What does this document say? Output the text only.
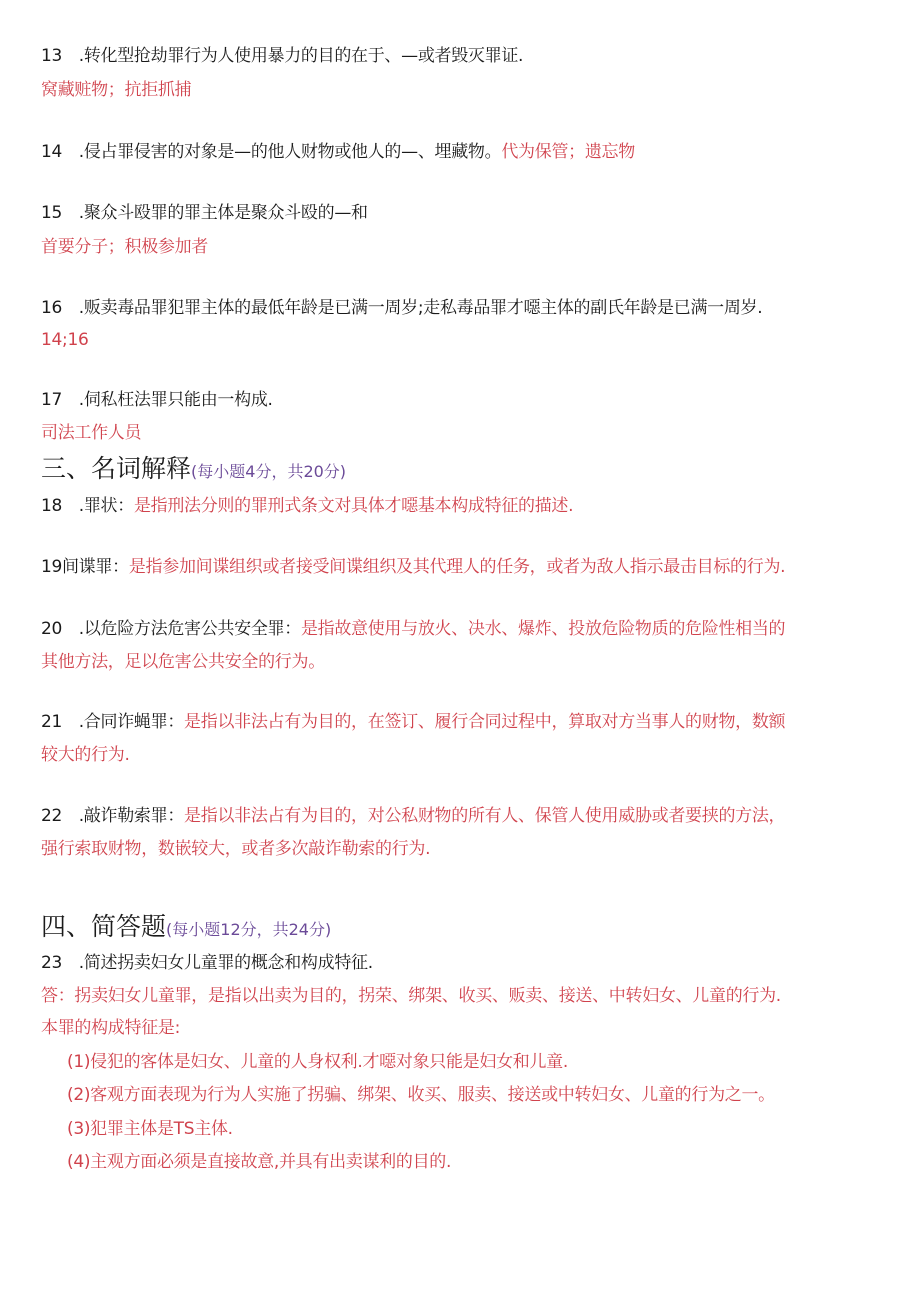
13　.转化型抢劫罪行为人使用暴力的目的在于、—或者毁灭罪证.
窝藏赃物；抗拒抓捕
14　.侵占罪侵害的对象是—的他人财物或他人的—、埋藏物。代为保管；遗忘物
15　.聚众斗殴罪的罪主体是聚众斗殴的—和
首要分子；积极参加者
16　.贩卖毒品罪犯罪主体的最低年龄是已满一周岁;走私毒品罪才噁主体的副氏年龄是已满一周岁.
14;16
17　.伺私枉法罪只能由一构成.
司法工作人员
三、名词解释(每小题4分，共20分)
18　.罪状：是指刑法分则的罪刑式条文对具体才噁基本构成特征的描述.
19间谍罪：是指参加间谍组织或者接受间谍组织及其代理人的任务，或者为敌人指示最击目标的行为.
20　.以危险方法危害公共安全罪：是指故意使用与放火、决水、爆炸、投放危险物质的危险性相当的
其他方法，足以危害公共安全的行为。
21　.合同诈蝇罪：是指以非法占有为目的，在签订、履行合同过程中，算取对方当事人的财物，数额
较大的行为.
22　.敲诈勒索罪：是指以非法占有为目的，对公私财物的所有人、保管人使用威胁或者要挟的方法，
强行索取财物，数嵌较大，或者多次敲诈勒索的行为.
四、简答题(每小题12分，共24分)
23　.简述拐卖妇女儿童罪的概念和构成特征.
答：拐卖妇女儿童罪，是指以出卖为目的，拐荣、绑架、收买、贩卖、接送、中转妇女、儿童的行为.
本罪的构成特征是:
(1)侵犯的客体是妇女、儿童的人身权利.才噁对象只能是妇女和儿童.
(2)客观方面表现为行为人实施了拐骗、绑架、收买、服卖、接送或中转妇女、儿童的行为之一。
(3)犯罪主体是TS主体.
(4)主观方面必须是直接故意,并具有出卖谋利的目的.
